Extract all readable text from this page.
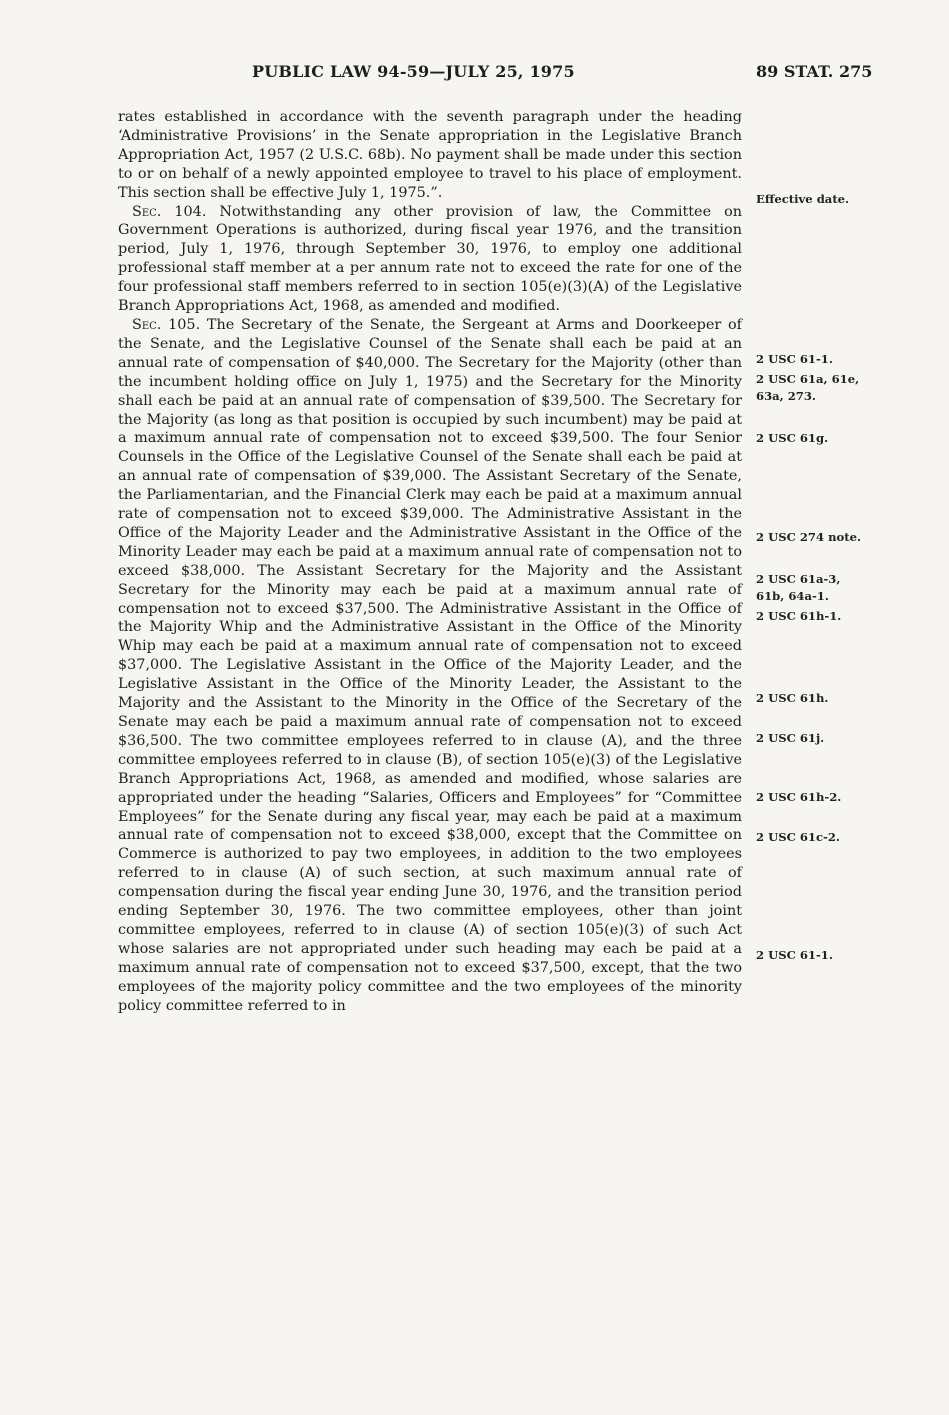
PUBLIC LAW 94-59—JULY 25, 1975	89 STAT. 275

rates established in accordance with the seventh paragraph under the heading ‘Administrative Provisions’ in the Senate appropriation in the Legislative Branch Appropriation Act, 1957 (2 U.S.C. 68b). No payment shall be made under this section to or on behalf of a newly appointed employee to travel to his place of employment. This section shall be effective July 1, 1975.”.

Sec. 104. Notwithstanding any other provision of law, the Committee on Government Operations is authorized, during fiscal year 1976, and the transition period, July 1, 1976, through September 30, 1976, to employ one additional professional staff member at a per annum rate not to exceed the rate for one of the four professional staff members referred to in section 105(e)(3)(A) of the Legislative Branch Appropriations Act, 1968, as amended and modified.

Sec. 105. The Secretary of the Senate, the Sergeant at Arms and Doorkeeper of the Senate, and the Legislative Counsel of the Senate shall each be paid at an annual rate of compensation of $40,000. The Secretary for the Majority (other than the incumbent holding office on July 1, 1975) and the Secretary for the Minority shall each be paid at an annual rate of compensation of $39,500. The Secretary for the Majority (as long as that position is occupied by such incumbent) may be paid at a maximum annual rate of compensation not to exceed $39,500. The four Senior Counsels in the Office of the Legislative Counsel of the Senate shall each be paid at an annual rate of compensation of $39,000. The Assistant Secretary of the Senate, the Parliamentarian, and the Financial Clerk may each be paid at a maximum annual rate of compensation not to exceed $39,000. The Administrative Assistant in the Office of the Majority Leader and the Administrative Assistant in the Office of the Minority Leader may each be paid at a maximum annual rate of compensation not to exceed $38,000. The Assistant Secretary for the Majority and the Assistant Secretary for the Minority may each be paid at a maximum annual rate of compensation not to exceed $37,500. The Administrative Assistant in the Office of the Majority Whip and the Administrative Assistant in the Office of the Minority Whip may each be paid at a maximum annual rate of compensation not to exceed $37,000. The Legislative Assistant in the Office of the Majority Leader, and the Legislative Assistant in the Office of the Minority Leader, the Assistant to the Majority and the Assistant to the Minority in the Office of the Secretary of the Senate may each be paid a maximum annual rate of compensation not to exceed $36,500. The two committee employees referred to in clause (A), and the three committee employees referred to in clause (B), of section 105(e)(3) of the Legislative Branch Appropriations Act, 1968, as amended and modified, whose salaries are appropriated under the heading “Salaries, Officers and Employees” for “Committee Employees” for the Senate during any fiscal year, may each be paid at a maximum annual rate of compensation not to exceed $38,000, except that the Committee on Commerce is authorized to pay two employees, in addition to the two employees referred to in clause (A) of such section, at such maximum annual rate of compensation during the fiscal year ending June 30, 1976, and the transition period ending September 30, 1976. The two committee employees, other than joint committee employees, referred to in clause (A) of section 105(e)(3) of such Act whose salaries are not appropriated under such heading may each be paid at a maximum annual rate of compensation not to exceed $37,500, except, that the two employees of the majority policy committee and the two employees of the minority policy committee referred to in

Effective date.
2 USC 61-1.
2 USC 61a, 61e,
63a, 273.
2 USC 61g.
2 USC 274 note.
2 USC 61a-3,
61b, 64a-1.
2 USC 61h-1.
2 USC 61h.
2 USC 61j.
2 USC 61h-2.
2 USC 61c-2.
2 USC 61-1.
